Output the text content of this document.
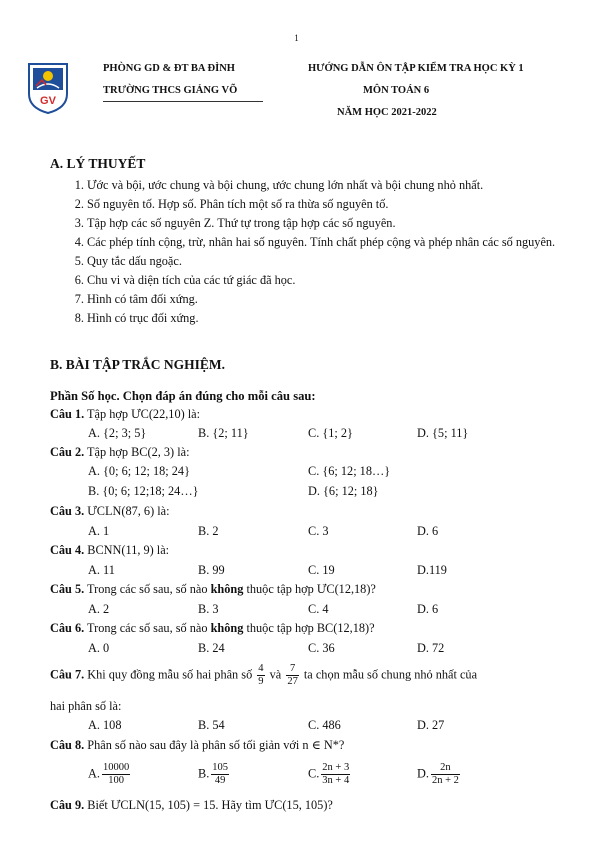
1
GV
PHÒNG GD & ĐT BA ĐÌNH
TRƯỜNG THCS GIẢNG VÕ
HƯỚNG DẪN ÔN TẬP KIỂM TRA HỌC KỲ 1
MÔN TOÁN 6
NĂM HỌC 2021-2022
A. LÝ THUYẾT
1. Ước và bội, ước chung và bội chung, ước chung lớn nhất và bội chung nhỏ nhất.
2. Số nguyên tố. Hợp số. Phân tích một số ra thừa số nguyên tố.
3. Tập hợp các số nguyên Z. Thứ tự trong tập hợp các số nguyên.
4. Các phép tính cộng, trừ, nhân hai số nguyên. Tính chất phép cộng và phép nhân các số nguyên.
5. Quy tắc dấu ngoặc.
6. Chu vi và diện tích của các tứ giác đã học.
7. Hình có tâm đối xứng.
8. Hình có trục đối xứng.
B. BÀI TẬP TRẮC NGHIỆM.
Phần Số học. Chọn đáp án đúng cho mỗi câu sau:
Câu 1. Tập hợp ƯC(22,10) là:
A. {2; 3; 5}	B. {2; 11}	C. {1; 2}	D. {5; 11}
Câu 2. Tập hợp BC(2, 3) là:
A. {0; 6; 12; 18; 24}	C. {6; 12; 18…}
B. {0; 6; 12;18; 24…}	D. {6; 12; 18}
Câu 3. ƯCLN(87, 6) là:
A. 1	B. 2	C. 3	D. 6
Câu 4. BCNN(11, 9) là:
A. 11	B. 99	C. 19	D.119
Câu 5. Trong các số sau, số nào không thuộc tập hợp ƯC(12,18)?
A. 2	B. 3	C. 4	D. 6
Câu 6. Trong các số sau, số nào không thuộc tập hợp BC(12,18)?
A. 0	B. 24	C. 36	D. 72
Câu 7. Khi quy đồng mẫu số hai phân số $\frac{4}{9}$ và $\frac{7}{27}$ ta chọn mẫu số chung nhỏ nhất của
hai phân số là:
A. 108	B. 54	C. 486	D. 27
Câu 8. Phân số nào sau đây là phân số tối giản với n ∈ N*?
A. $\frac{10000}{100}$	B. $\frac{105}{49}$	C. $\frac{2n + 3}{3n + 4}$	D. $\frac{2n}{2n + 2}$
Câu 9. Biết ƯCLN(15, 105) = 15. Hãy tìm ƯC(15, 105)?
